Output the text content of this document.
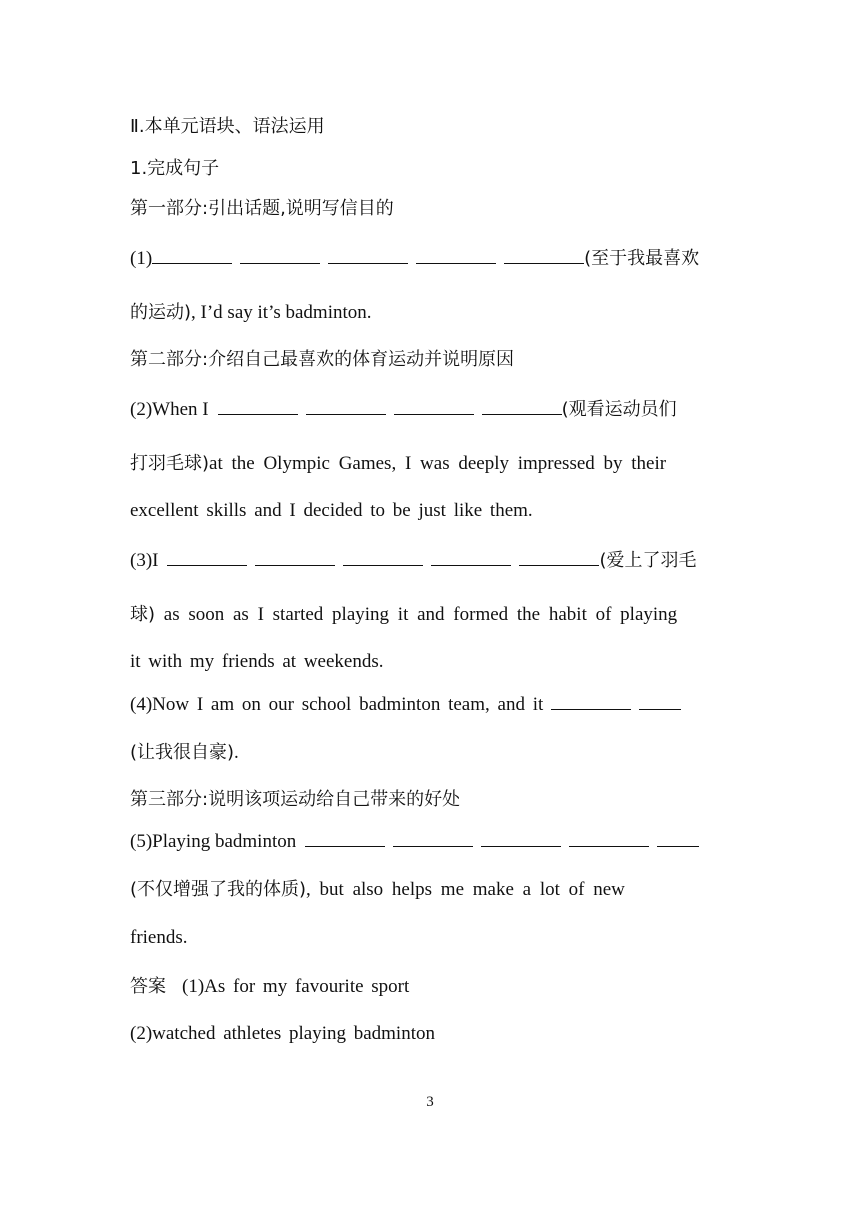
Ⅱ.本单元语块、语法运用
1.完成句子
第一部分:引出话题,说明写信目的
(1)	(至于我最喜欢
的运动), I’d say it’s badminton.
第二部分:介绍自己最喜欢的体育运动并说明原因
(2)When I	(观看运动员们
打羽毛球)at the Olympic Games, I was deeply impressed by their
excellent skills and I decided to be just like them.
(3)I	(爱上了羽毛
球) as soon as I started playing it and formed the habit of playing
it with my friends at weekends.
(4)Now I am on our school badminton team, and it
(让我很自豪).
第三部分:说明该项运动给自己带来的好处
(5)Playing badminton
(不仅增强了我的体质), but also helps me make a lot of new
friends.
答案 (1)As for my favourite sport
(2)watched athletes playing badminton
3
